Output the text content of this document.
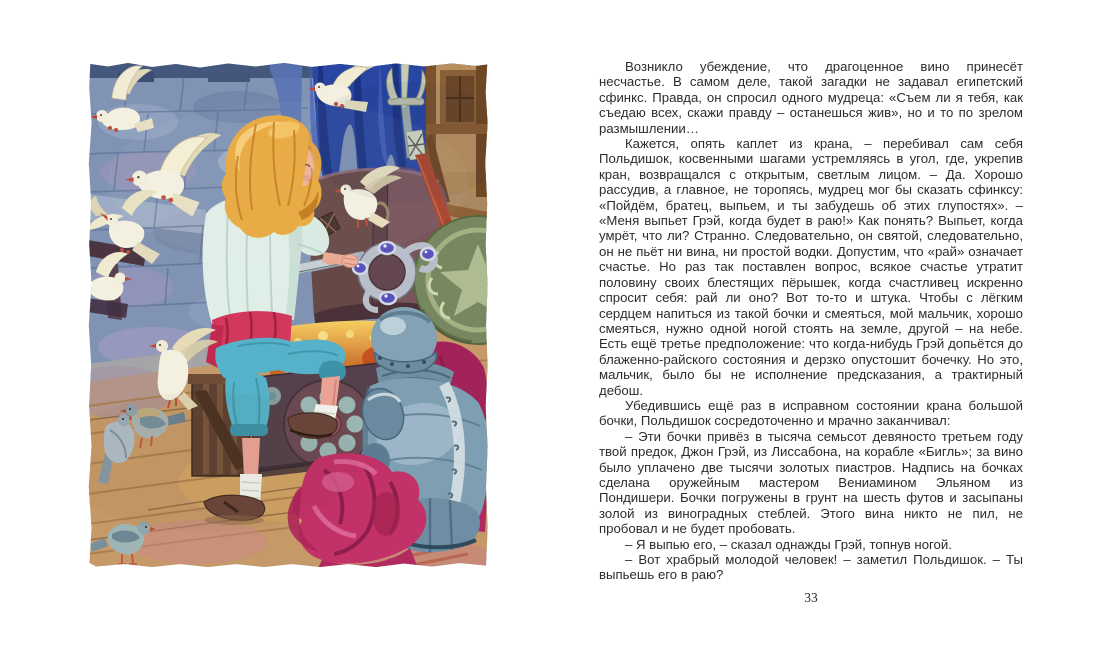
Возникло убеждение, что драгоценное вино принесёт несчастье. В самом деле, такой загадки не задавал египетский сфинкс. Правда, он спросил одного мудреца: «Съем ли я тебя, как съедаю всех, скажи правду – останешься жив», но и то по зрелом размышлении…

Кажется, опять каплет из крана, – перебивал сам себя Польдишок, косвенными шагами устремляясь в угол, где, укрепив кран, возвращался с открытым, светлым лицом. – Да. Хорошо рассудив, а главное, не торопясь, мудрец мог бы сказать сфинксу: «Пойдём, братец, выпьем, и ты забудешь об этих глупостях». – «Меня выпьет Грэй, когда будет в раю!» Как понять? Выпьет, когда умрёт, что ли? Странно. Следовательно, он святой, следовательно, он не пьёт ни вина, ни простой водки. Допустим, что «рай» означает счастье. Но раз так поставлен вопрос, всякое счастье утратит половину своих блестящих пёрышек, когда счастливец искренно спросит себя: рай ли оно? Вот то-то и штука. Чтобы с лёгким сердцем напиться из такой бочки и смеяться, мой мальчик, хорошо смеяться, нужно одной ногой стоять на земле, другой – на небе. Есть ещё третье предположение: что когда-нибудь Грэй допьётся до блаженно-райского состояния и дерзко опустошит бочечку. Но это, мальчик, было бы не исполнение предсказания, а трактирный дебош.

Убедившись ещё раз в исправном состоянии крана большой бочки, Польдишок сосредоточенно и мрачно заканчивал:

– Эти бочки привёз в тысяча семьсот девяносто третьем году твой предок, Джон Грэй, из Лиссабона, на корабле «Бигль»; за вино было уплачено две тысячи золотых пиастров. Надпись на бочках сделана оружейным мастером Вениамином Эльяном из Пондишери. Бочки погружены в грунт на шесть футов и засыпаны золой из виноградных стеблей. Этого вина никто не пил, не пробовал и не будет пробовать.

– Я выпью его, – сказал однажды Грэй, топнув ногой.

– Вот храбрый молодой человек! – заметил Польдишок. – Ты выпьешь его в раю?

33
